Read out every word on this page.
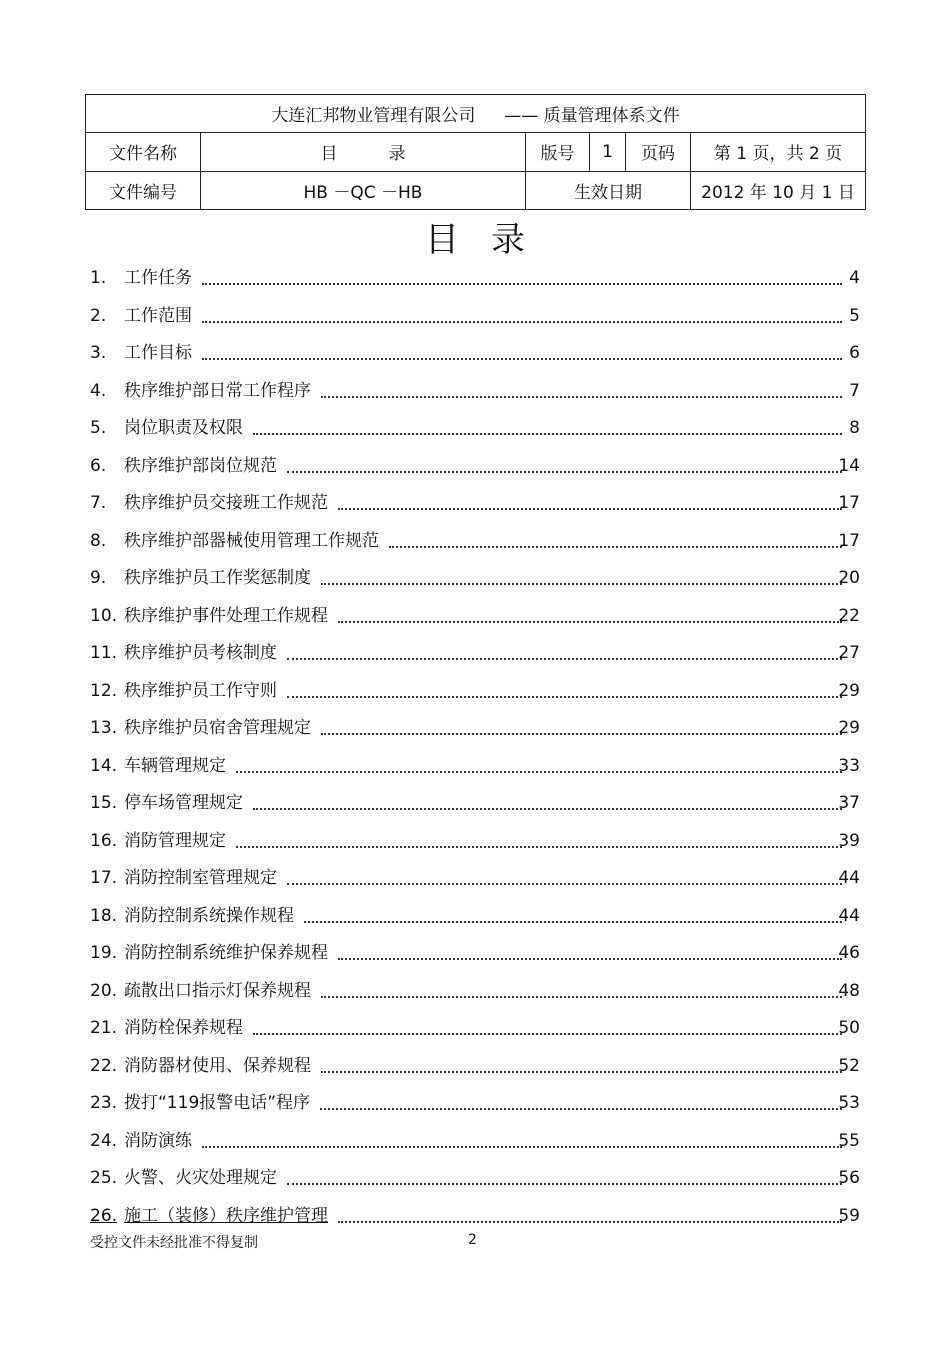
大连汇邦物业管理有限公司 —— 质量管理体系文件					
文件名称	目　　　录	版号	1	页码	第 1 页，共 2 页
文件编号	HB －QC －HB	生效日期			2012 年 10 月 1 日
目录
1. 工作任务	4
2. 工作范围	5
3. 工作目标	6
4. 秩序维护部日常工作程序	7
5. 岗位职责及权限	8
6. 秩序维护部岗位规范	14
7. 秩序维护员交接班工作规范	17
8. 秩序维护部器械使用管理工作规范	17
9. 秩序维护员工作奖惩制度	20
10. 秩序维护事件处理工作规程	22
11. 秩序维护员考核制度	27
12. 秩序维护员工作守则	29
13. 秩序维护员宿舍管理规定	29
14. 车辆管理规定	33
15. 停车场管理规定	37
16. 消防管理规定	39
17. 消防控制室管理规定	44
18. 消防控制系统操作规程	44
19. 消防控制系统维护保养规程	46
20. 疏散出口指示灯保养规程	48
21. 消防栓保养规程	50
22. 消防器材使用、保养规程	52
23. 拨打“119报警电话”程序	53
24. 消防演练	55
25. 火警、火灾处理规定	56
26. 施工（装修）秩序维护管理	59
受控文件未经批准不得复制	2
